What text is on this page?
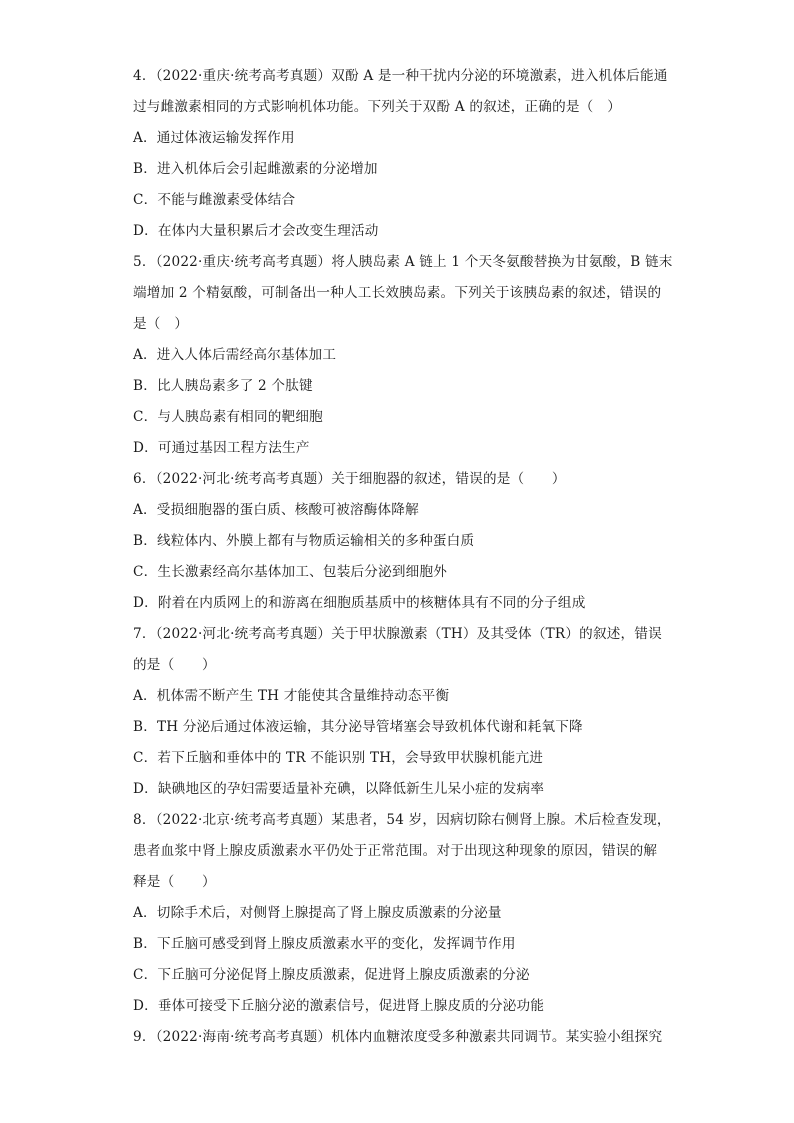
4．（2022·重庆·统考高考真题）双酚 A 是一种干扰内分泌的环境激素，进入机体后能通
过与雌激素相同的方式影响机体功能。下列关于双酚 A 的叙述，正确的是（　）
A．通过体液运输发挥作用
B．进入机体后会引起雌激素的分泌增加
C．不能与雌激素受体结合
D．在体内大量积累后才会改变生理活动
5．（2022·重庆·统考高考真题）将人胰岛素 A 链上 1 个天冬氨酸替换为甘氨酸，B 链末
端增加 2 个精氨酸，可制备出一种人工长效胰岛素。下列关于该胰岛素的叙述，错误的
是（　）
A．进入人体后需经高尔基体加工
B．比人胰岛素多了 2 个肽键
C．与人胰岛素有相同的靶细胞
D．可通过基因工程方法生产
6．（2022·河北·统考高考真题）关于细胞器的叙述，错误的是（　　）
A．受损细胞器的蛋白质、核酸可被溶酶体降解
B．线粒体内、外膜上都有与物质运输相关的多种蛋白质
C．生长激素经高尔基体加工、包装后分泌到细胞外
D．附着在内质网上的和游离在细胞质基质中的核糖体具有不同的分子组成
7．（2022·河北·统考高考真题）关于甲状腺激素（TH）及其受体（TR）的叙述，错误
的是（　　）
A．机体需不断产生 TH 才能使其含量维持动态平衡
B．TH 分泌后通过体液运输，其分泌导管堵塞会导致机体代谢和耗氧下降
C．若下丘脑和垂体中的 TR 不能识别 TH，会导致甲状腺机能亢进
D．缺碘地区的孕妇需要适量补充碘，以降低新生儿呆小症的发病率
8．（2022·北京·统考高考真题）某患者，54 岁，因病切除右侧肾上腺。术后检查发现，
患者血浆中肾上腺皮质激素水平仍处于正常范围。对于出现这种现象的原因，错误的解
释是（　　）
A．切除手术后，对侧肾上腺提高了肾上腺皮质激素的分泌量
B．下丘脑可感受到肾上腺皮质激素水平的变化，发挥调节作用
C．下丘脑可分泌促肾上腺皮质激素，促进肾上腺皮质激素的分泌
D．垂体可接受下丘脑分泌的激素信号，促进肾上腺皮质的分泌功能
9．（2022·海南·统考高考真题）机体内血糖浓度受多种激素共同调节。某实验小组探究
